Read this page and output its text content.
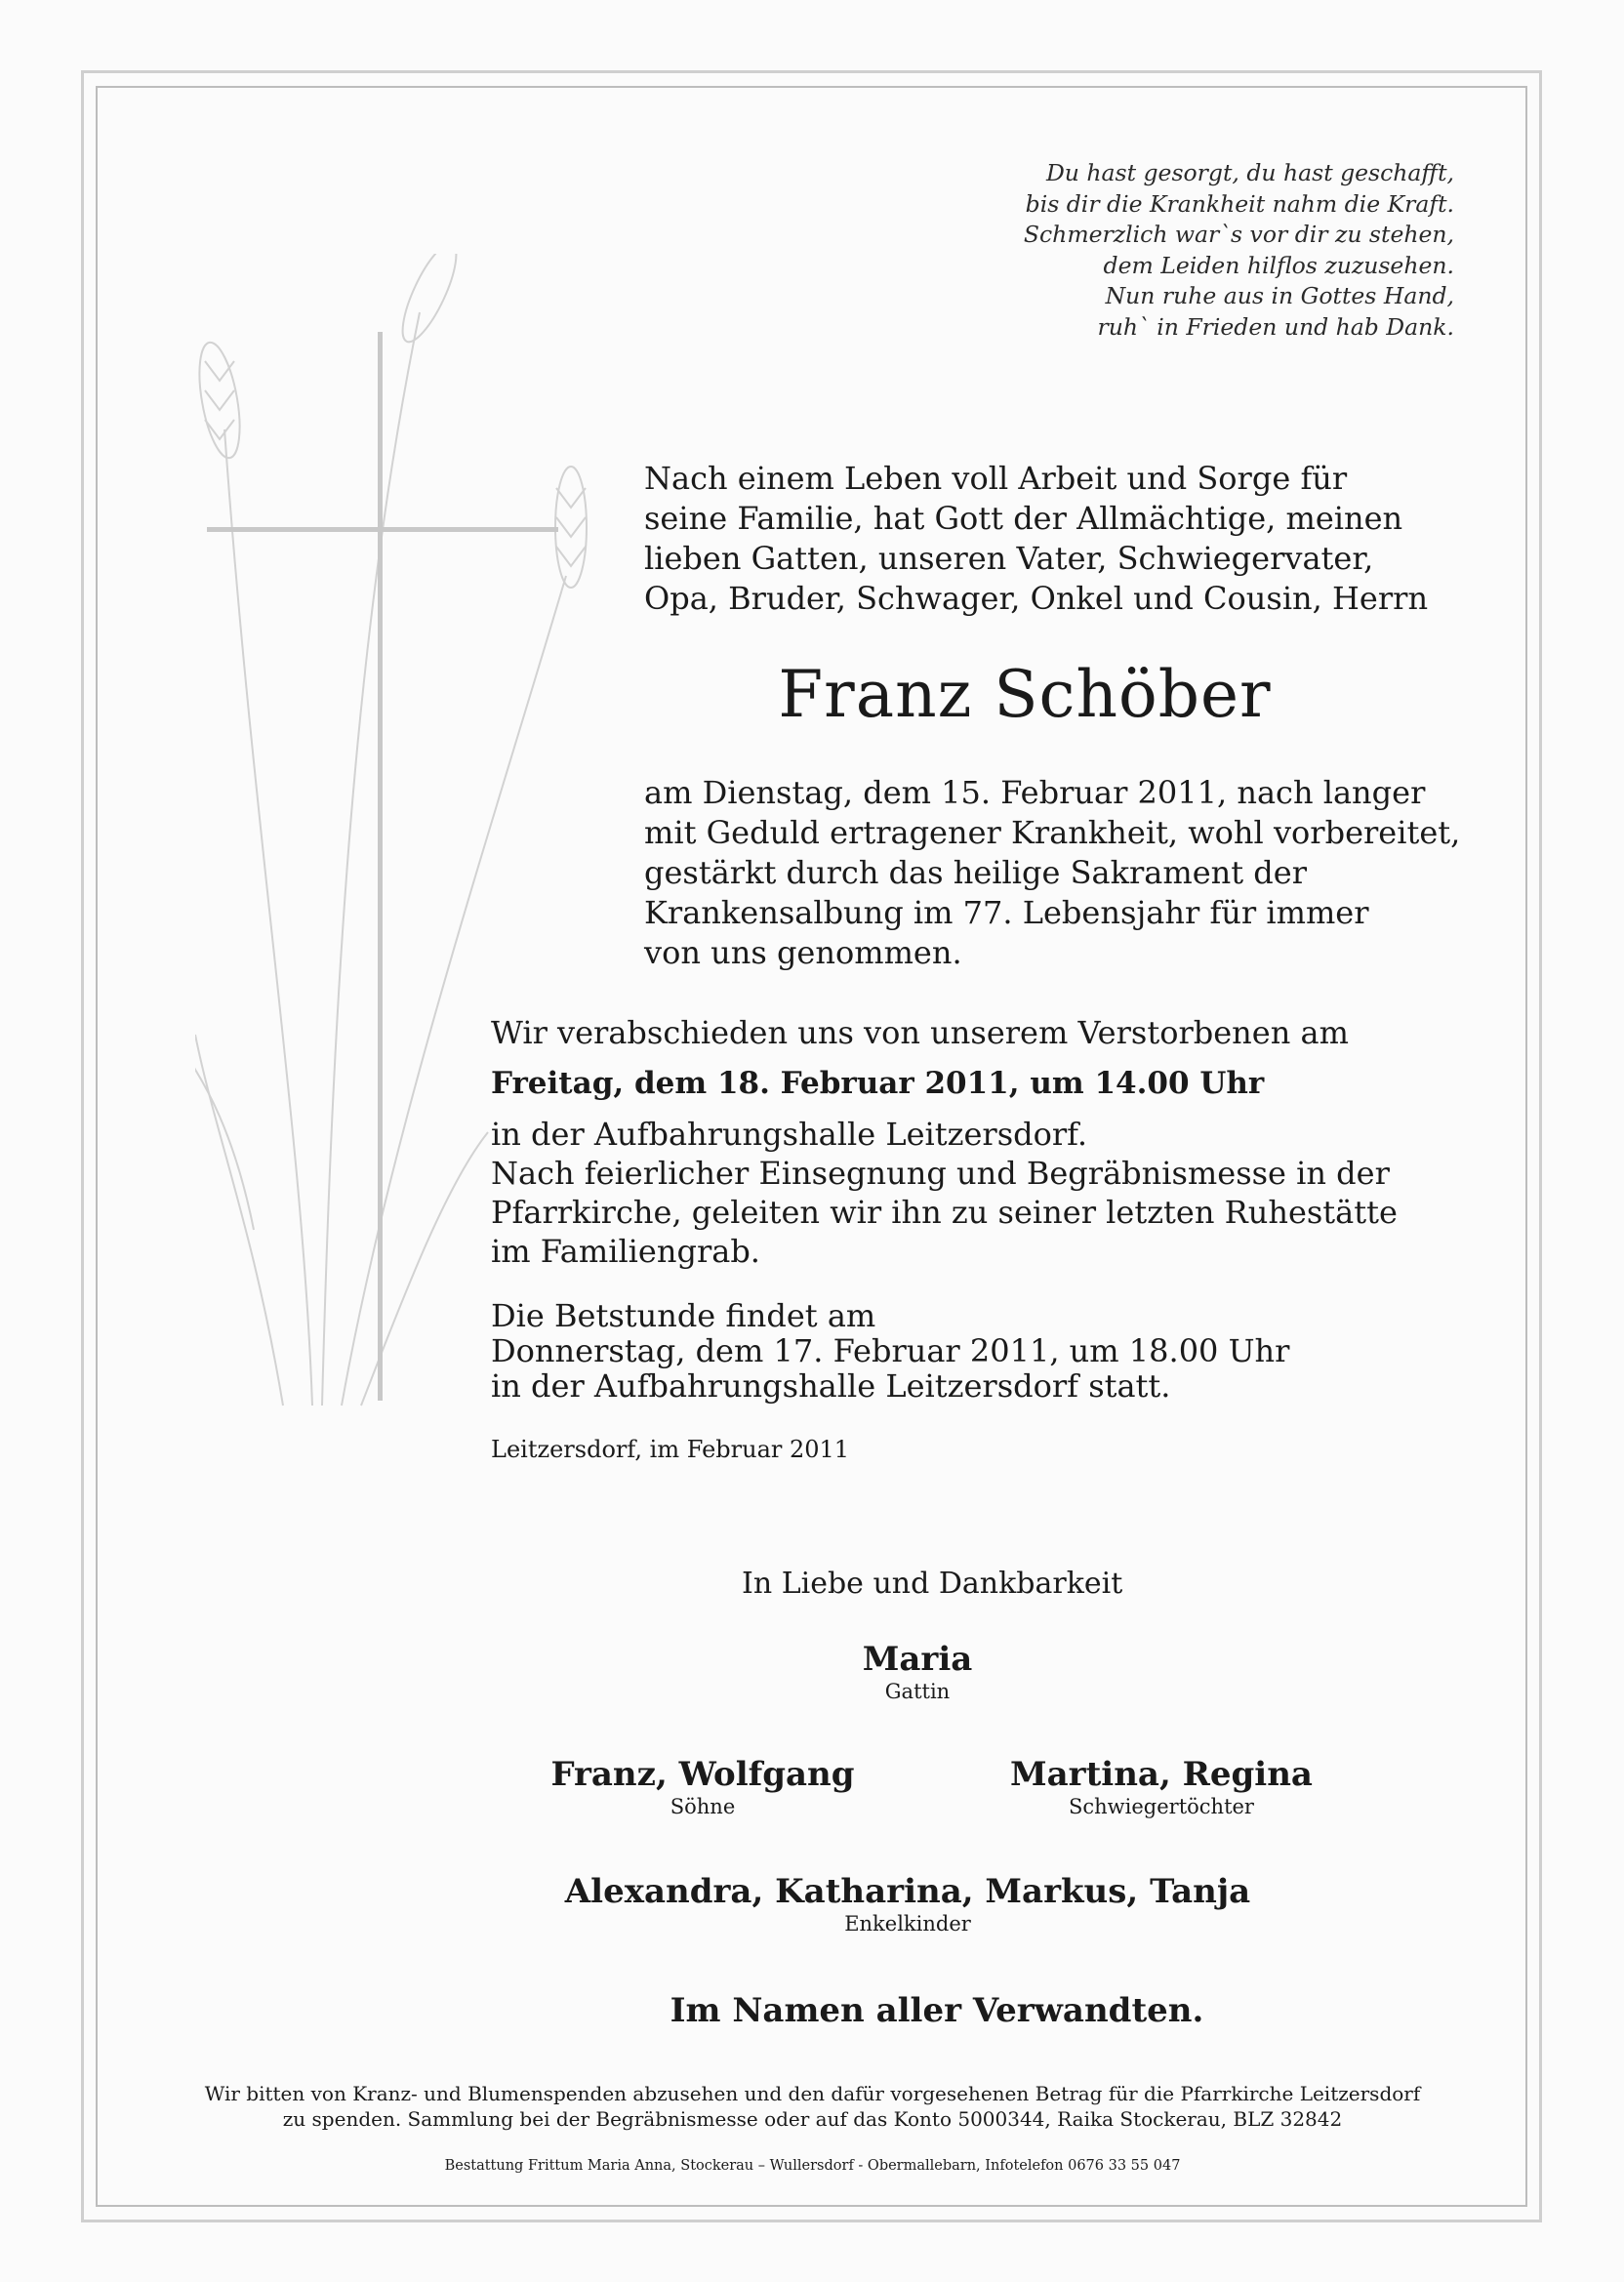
Du hast gesorgt, du hast geschafft,
bis dir die Krankheit nahm die Kraft.
Schmerzlich war`s vor dir zu stehen,
dem Leiden hilflos zuzusehen.
Nun ruhe aus in Gottes Hand,
ruh` in Frieden und hab Dank.
Nach einem Leben voll Arbeit und Sorge für
seine Familie, hat Gott der Allmächtige, meinen
lieben Gatten, unseren Vater, Schwiegervater,
Opa, Bruder, Schwager, Onkel und Cousin, Herrn
Franz Schöber
am Dienstag, dem 15. Februar 2011, nach langer
mit Geduld ertragener Krankheit, wohl vorbereitet,
gestärkt durch das heilige Sakrament der
Krankensalbung im 77. Lebensjahr für immer
von uns genommen.
Wir verabschieden uns von unserem Verstorbenen am
Freitag, dem 18. Februar 2011, um 14.00 Uhr
in der Aufbahrungshalle Leitzersdorf.
Nach feierlicher Einsegnung und Begräbnismesse in der
Pfarrkirche, geleiten wir ihn zu seiner letzten Ruhestätte
im Familiengrab.
Die Betstunde findet am
Donnerstag, dem 17. Februar 2011, um 18.00 Uhr
in der Aufbahrungshalle Leitzersdorf statt.
Leitzersdorf, im Februar 2011
In Liebe und Dankbarkeit
Maria
Gattin
Franz, Wolfgang
Söhne
Martina, Regina
Schwiegertöchter
Alexandra, Katharina, Markus, Tanja
Enkelkinder
Im Namen aller Verwandten.
Wir bitten von Kranz- und Blumenspenden abzusehen und den dafür vorgesehenen Betrag für die Pfarrkirche Leitzersdorf
zu spenden. Sammlung bei der Begräbnismesse oder auf das Konto 5000344, Raika Stockerau, BLZ 32842
Bestattung Frittum Maria Anna, Stockerau – Wullersdorf - Obermallebarn, Infotelefon 0676 33 55 047
